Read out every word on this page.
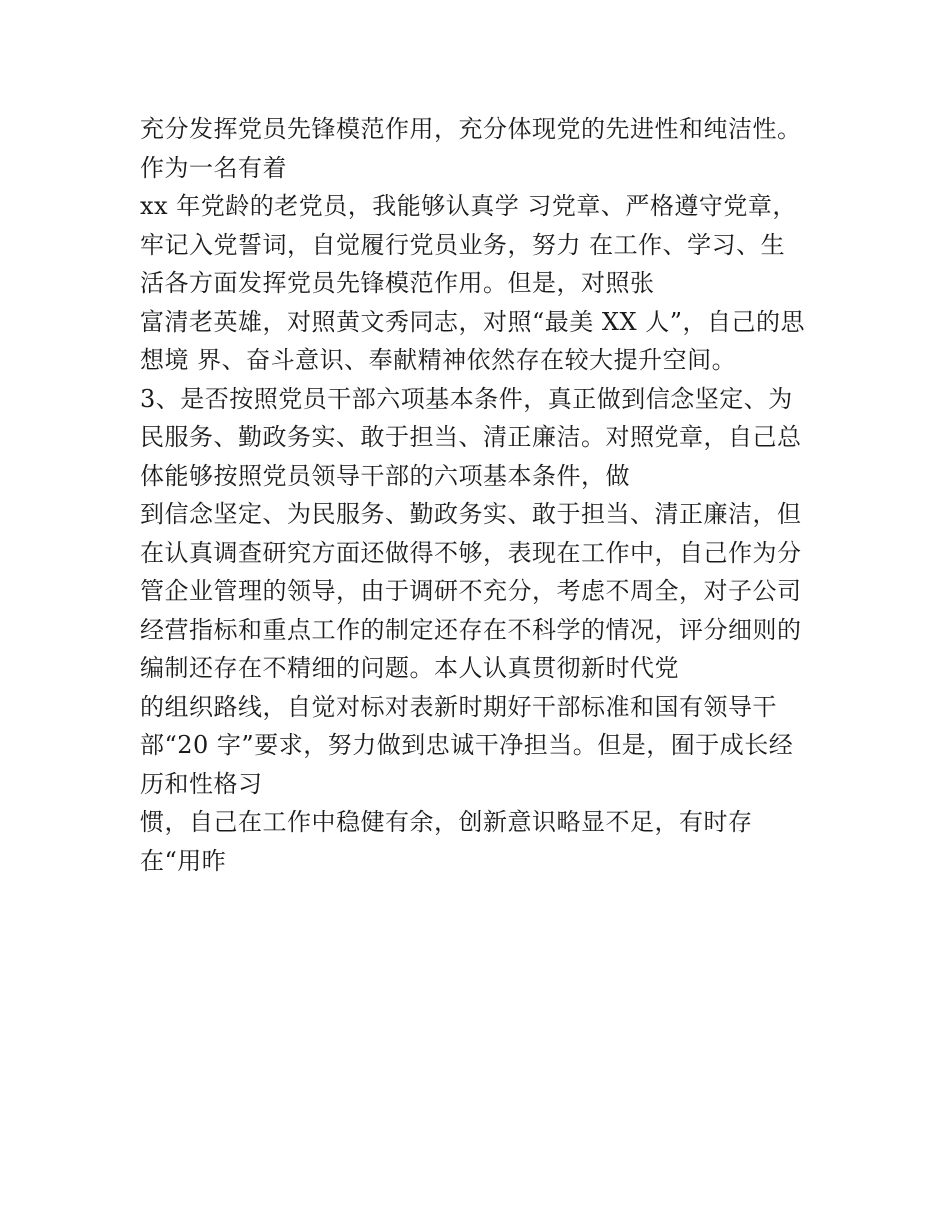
充分发挥党员先锋模范作用，充分体现党的先进性和纯洁性。
作为一名有着
xx 年党龄的老党员，我能够认真学 习党章、严格遵守党章，
牢记入党誓词，自觉履行党员业务，努力 在工作、学习、生
活各方面发挥党员先锋模范作用。但是，对照张
富清老英雄，对照黄文秀同志，对照“最美 XX 人”，自己的思
想境 界、奋斗意识、奉献精神依然存在较大提升空间。
3、是否按照党员干部六项基本条件，真正做到信念坚定、为
民服务、勤政务实、敢于担当、清正廉洁。对照党章，自己总
体能够按照党员领导干部的六项基本条件，做
到信念坚定、为民服务、勤政务实、敢于担当、清正廉洁，但
在认真调查研究方面还做得不够，表现在工作中，自己作为分
管企业管理的领导，由于调研不充分，考虑不周全，对子公司
经营指标和重点工作的制定还存在不科学的情况，评分细则的
编制还存在不精细的问题。本人认真贯彻新时代党
的组织路线，自觉对标对表新时期好干部标准和国有领导干
部“20 字”要求，努力做到忠诚干净担当。但是，囿于成长经
历和性格习
惯，自己在工作中稳健有余，创新意识略显不足，有时存
在“用昨
